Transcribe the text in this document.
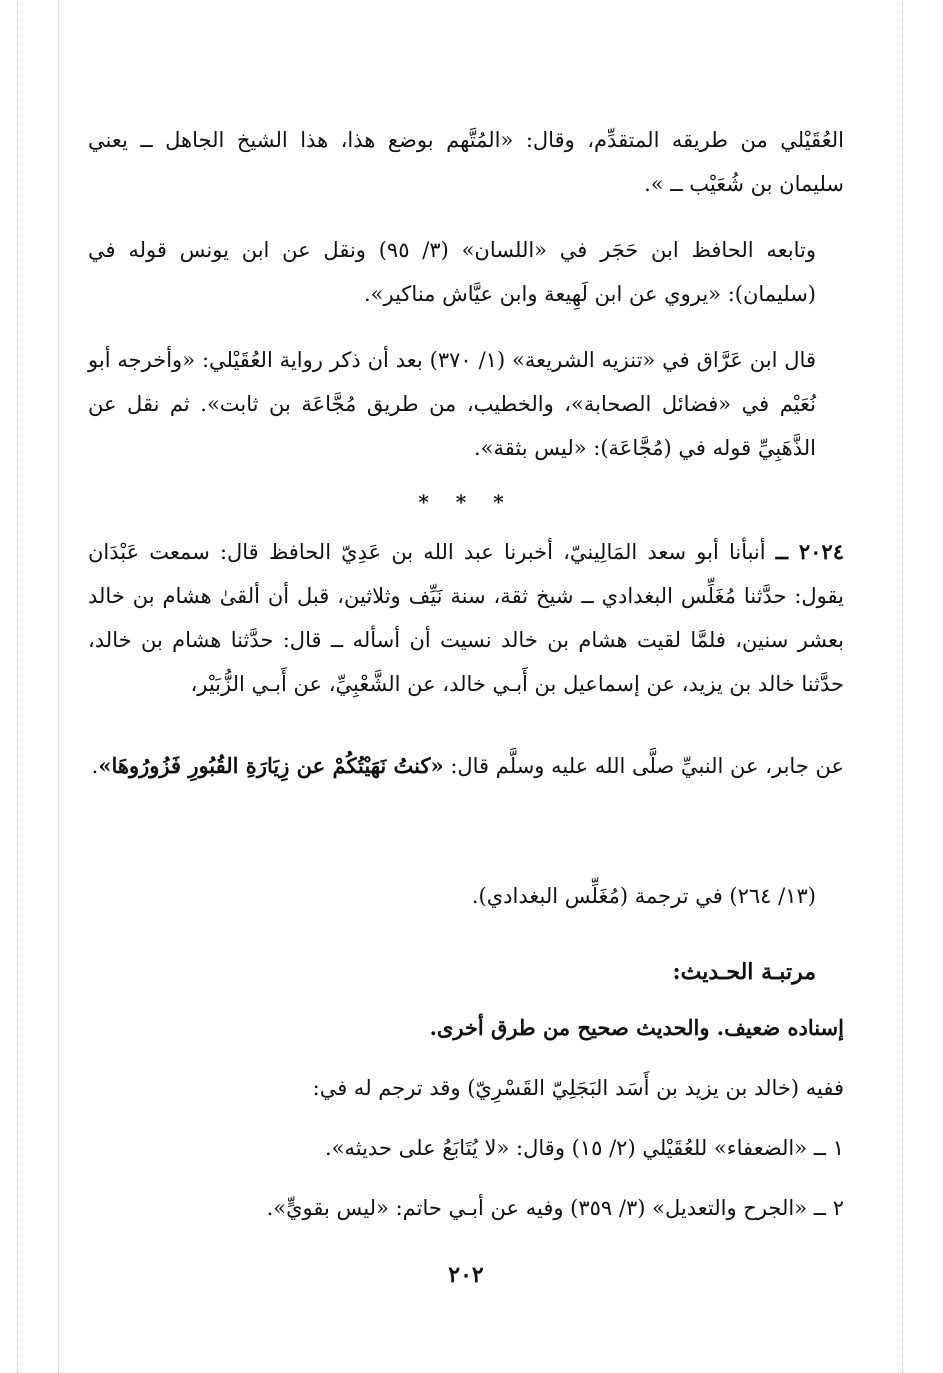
العُقَيْلي من طريقه المتقدِّم، وقال: «المُتَّهم بوضع هذا، هذا الشيخ الجاهل ــ يعني سليمان بن شُعَيْب ــ ».
وتابعه الحافظ ابن حَجَر في «اللسان» (٣/ ٩٥) ونقل عن ابن يونس قوله في (سليمان): «يروي عن ابن لَهِيعة وابن عيَّاش مناكير».
قال ابن عَرَّاق في «تنزيه الشريعة» (١/ ٣٧٠) بعد أن ذكر رواية العُقَيْلي: «وأخرجه أبو نُعَيْم في «فضائل الصحابة»، والخطيب، من طريق مُجَّاعَة بن ثابت». ثم نقل عن الذَّهَبِيِّ قوله في (مُجَّاعَة): «ليس بثقة».
* * *
٢٠٢٤ ــ أنبأنا أبو سعد المَالِينيّ، أخبرنا عبد الله بن عَدِيّ الحافظ قال: سمعت عَبْدَان يقول: حدَّثنا مُغَلِّس البغدادي ــ شيخ ثقة، سنة نَيِّف وثلاثين، قبل أن ألقىٰ هشام بن خالد بعشر سنين، فلمَّا لقيت هشام بن خالد نسيت أن أسأله ــ قال: حدَّثنا هشام بن خالد، حدَّثنا خالد بن يزيد، عن إسماعيل بن أَبـي خالد، عن الشَّعْبِيِّ، عن أَبـي الزُّبَيْر،
عن جابر، عن النبيِّ صلَّى الله عليه وسلَّم قال: «كنتُ نَهَيْتُكُمْ عن زِيَارَةِ القُبُورِ فَزُورُوهَا».
(١٣/ ٢٦٤) في ترجمة (مُغَلِّس البغدادي).
مرتبـة الحـديث:
إسناده ضعيف. والحديث صحيح من طرق أخرى.
ففيه (خالد بن يزيد بن أَسَد البَجَلِيّ القَسْرِيّ) وقد ترجم له في:
١ ــ «الضعفاء» للعُقَيْلي (٢/ ١٥) وقال: «لا يُتَابَعُ على حديثه».
٢ ــ «الجرح والتعديل» (٣/ ٣٥٩) وفيه عن أبـي حاتم: «ليس بقويٍّ».
٢٠٢
